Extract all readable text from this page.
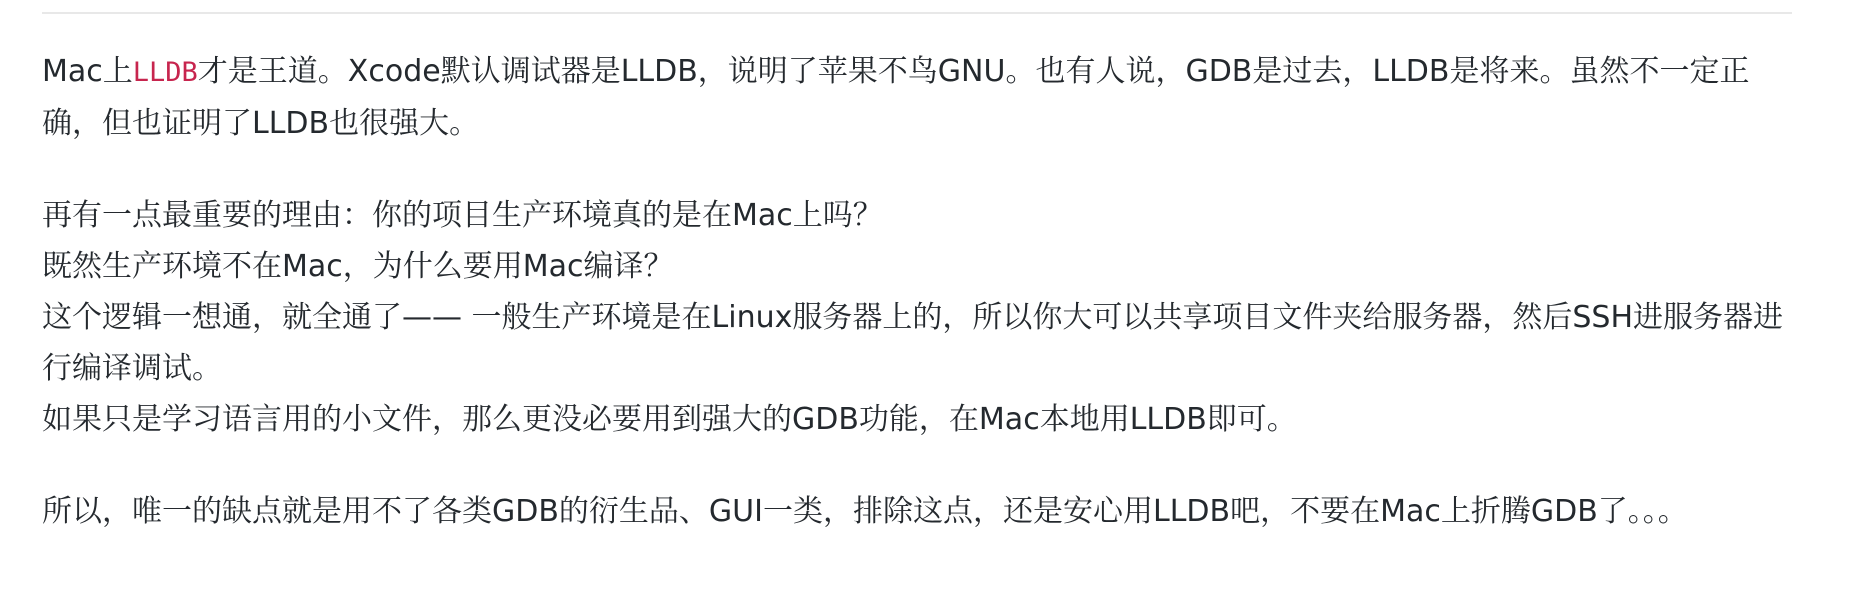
Mac上LLDB才是王道。Xcode默认调试器是LLDB，说明了苹果不鸟GNU。也有人说，GDB是过去，LLDB是将来。虽然不一定正确，但也证明了LLDB也很强大。

再有一点最重要的理由：你的项目生产环境真的是在Mac上吗？
既然生产环境不在Mac，为什么要用Mac编译？
这个逻辑一想通，就全通了—— 一般生产环境是在Linux服务器上的，所以你大可以共享项目文件夹给服务器，然后SSH进服务器进行编译调试。
如果只是学习语言用的小文件，那么更没必要用到强大的GDB功能，在Mac本地用LLDB即可。

所以，唯一的缺点就是用不了各类GDB的衍生品、GUI一类，排除这点，还是安心用LLDB吧，不要在Mac上折腾GDB了。。。
